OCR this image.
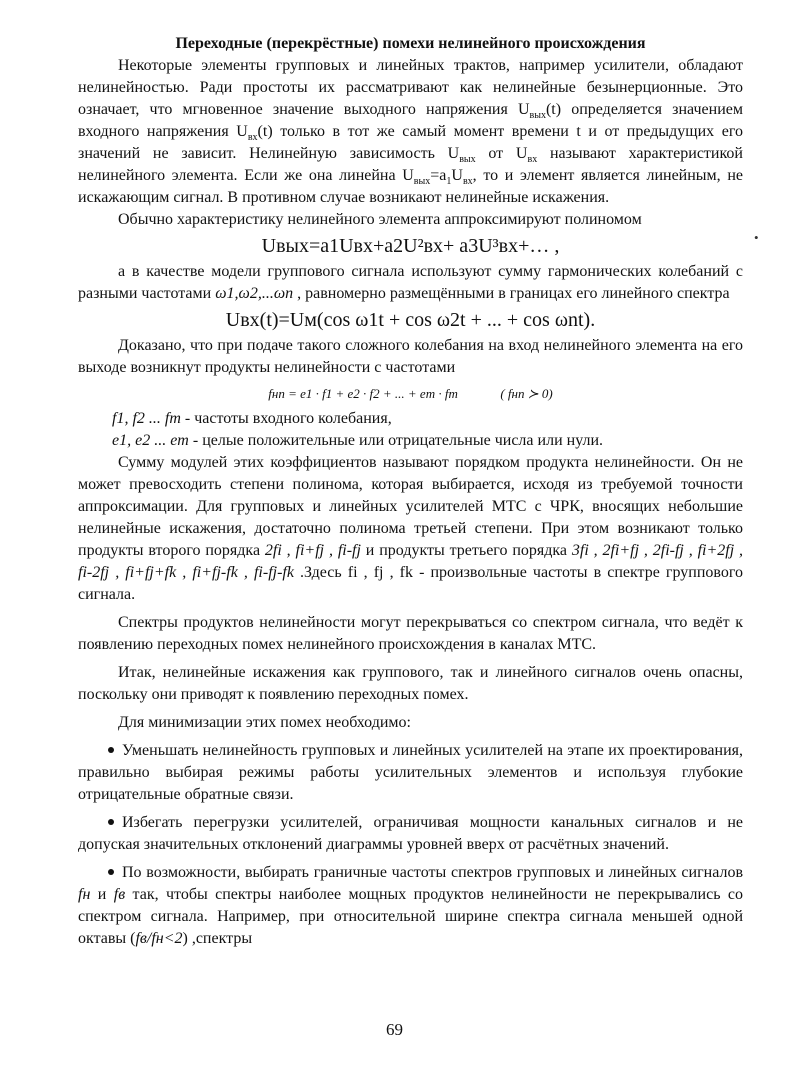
Переходные (перекрёстные) помехи нелинейного происхождения

Некоторые элементы групповых и линейных трактов, например усилители, обладают нелинейностью. Ради простоты их рассматривают как нелинейные безынерционные. Это означает, что мгновенное значение выходного напряжения $U_{вых}(t)$ определяется значением входного напряжения $U_{вх}(t)$ только в тот же самый момент времени t и от предыдущих его значений не зависит. Нелинейную зависимость $U_{вых}$ от $U_{вх}$ называют характеристикой нелинейного элемента. Если же она линейна $U_{вых}=a_1U_{вх}$, то и элемент является линейным, не искажающим сигнал. В противном случае возникают нелинейные искажения.

Обычно характеристику нелинейного элемента аппроксимируют полиномом

Uвых=a1Uвх+a2U²вх+ a3U³вх+… ,

а в качестве модели группового сигнала используют сумму гармонических колебаний с разными частотами ω1,ω2,...ωn , равномерно размещёнными в границах его линейного спектра

Uвх(t)=Uм(cos ω1t + cos ω2t + ... + cos ωnt).

Доказано, что при подаче такого сложного колебания на вход нелинейного элемента на его выходе возникнут продукты нелинейности с частотами

fнп = e1 · f1 + e2 · f2 + ... + em · fm	( fнп ≻ 0)

f1, f2 ... fm - частоты входного колебания,

e1, e2 ... em - целые положительные или отрицательные числа или нули.

Сумму модулей этих коэффициентов называют порядком продукта нелинейности. Он не может превосходить степени полинома, которая выбирается, исходя из требуемой точности аппроксимации. Для групповых и линейных усилителей МТС с ЧРК, вносящих небольшие нелинейные искажения, достаточно полинома третьей степени. При этом возникают только продукты второго порядка 2fi , fi+fj , fi-fj и продукты третьего порядка 3fi , 2fi+fj , 2fi-fj , fi+2fj , fi-2fj , fi+fj+fk , fi+fj-fk , fi-fj-fk .Здесь fi , fj , fk - произвольные частоты в спектре группового сигнала.

Спектры продуктов нелинейности могут перекрываться со спектром сигнала, что ведёт к появлению переходных помех нелинейного происхождения в каналах МТС.

Итак, нелинейные искажения как группового, так и линейного сигналов очень опасны, поскольку они приводят к появлению переходных помех.

Для минимизации этих помех необходимо:

Уменьшать нелинейность групповых и линейных усилителей на этапе их проектирования, правильно выбирая режимы работы усилительных элементов и используя глубокие отрицательные обратные связи.

Избегать перегрузки усилителей, ограничивая мощности канальных сигналов и не допуская значительных отклонений диаграммы уровней вверх от расчётных значений.

По возможности, выбирать граничные частоты спектров групповых и линейных сигналов fн и fв так, чтобы спектры наиболее мощных продуктов нелинейности не перекрывались со спектром сигнала. Например, при относительной ширине спектра сигнала меньшей одной октавы (fв/fн<2) ,спектры

•
69
